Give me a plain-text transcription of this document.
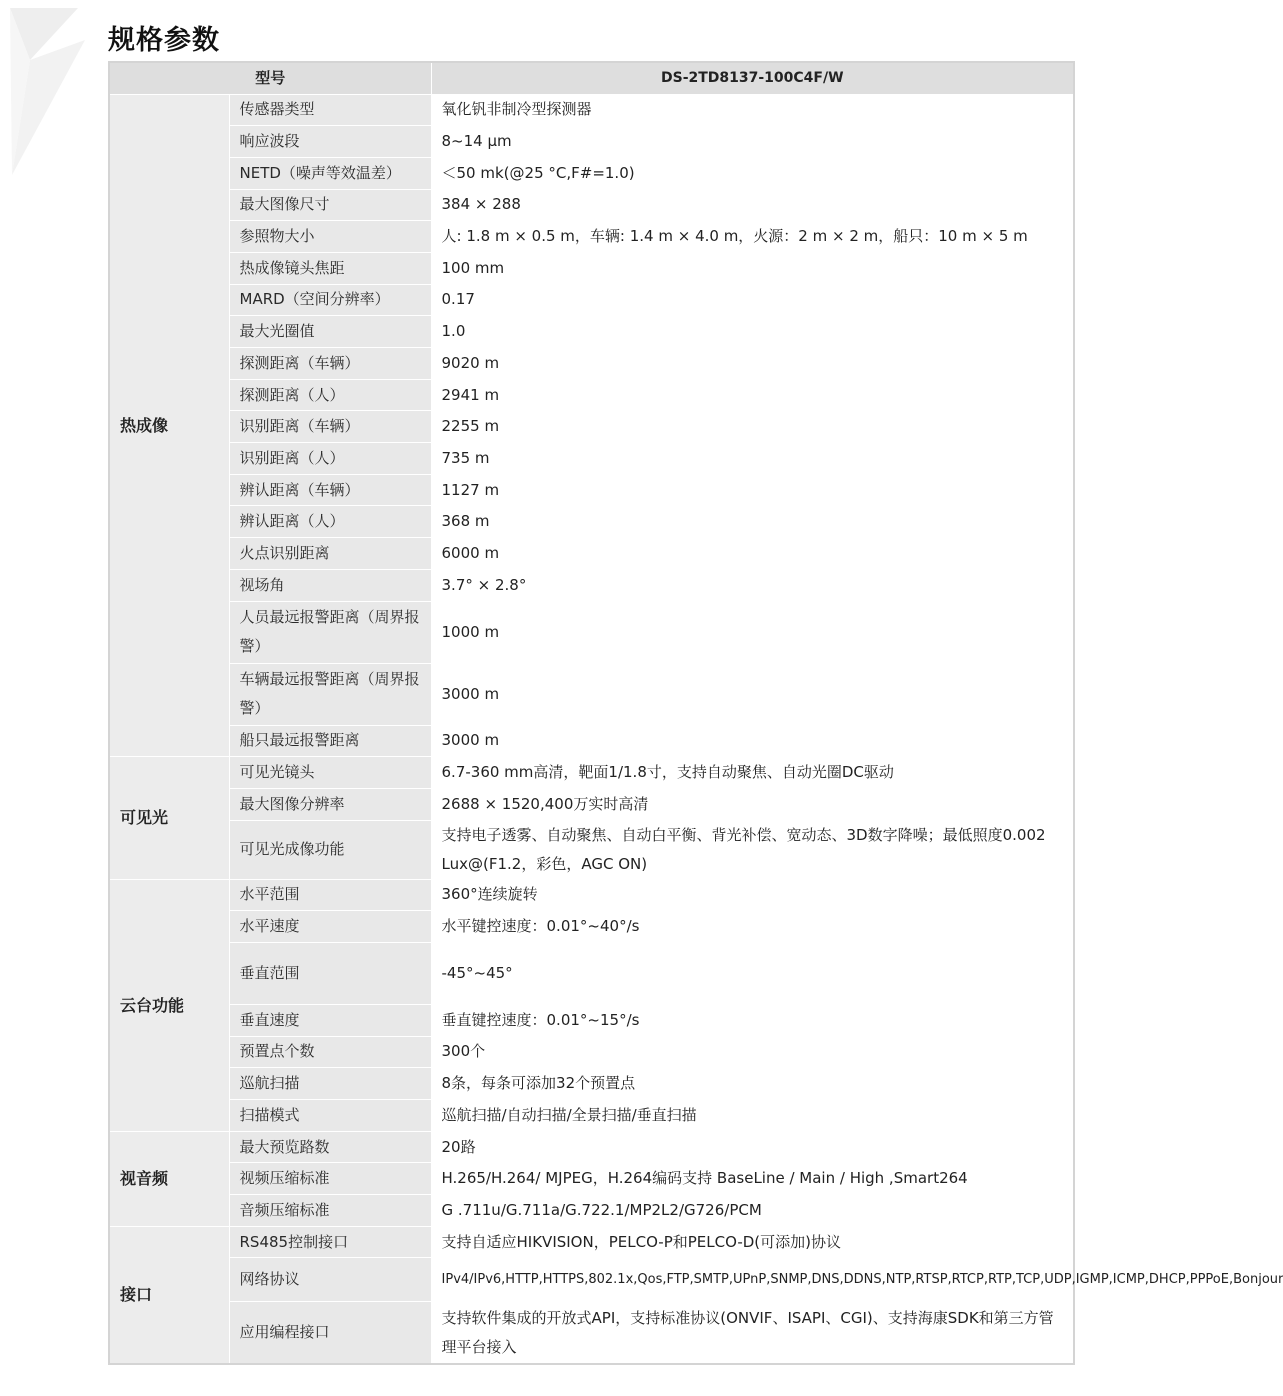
规格参数
型号		DS-2TD8137-100C4F/W
热成像	传感器类型	氧化钒非制冷型探测器
	响应波段	8~14 μm
	NETD（噪声等效温差）	＜50 mk(@25 °C,F#=1.0)
	最大图像尺寸	384 × 288
	参照物大小	人: 1.8 m × 0.5 m，车辆: 1.4 m × 4.0 m，火源：2 m × 2 m，船只：10 m × 5 m
	热成像镜头焦距	100 mm
	MARD（空间分辨率）	0.17
	最大光圈值	1.0
	探测距离（车辆）	9020 m
	探测距离（人）	2941 m
	识别距离（车辆）	2255 m
	识别距离（人）	735 m
	辨认距离（车辆）	1127 m
	辨认距离（人）	368 m
	火点识别距离	6000 m
	视场角	3.7° × 2.8°
	人员最远报警距离（周界报警）	1000 m
	车辆最远报警距离（周界报警）	3000 m
	船只最远报警距离	3000 m
可见光	可见光镜头	6.7-360 mm高清，靶面1/1.8寸，支持自动聚焦、自动光圈DC驱动
	最大图像分辨率	2688 × 1520,400万实时高清
	可见光成像功能	支持电子透雾、自动聚焦、自动白平衡、背光补偿、宽动态、3D数字降噪；最低照度0.002 Lux@(F1.2，彩色，AGC ON)
云台功能	水平范围	360°连续旋转
	水平速度	水平键控速度：0.01°~40°/s
	垂直范围	-45°~45°
	垂直速度	垂直键控速度：0.01°~15°/s
	预置点个数	300个
	巡航扫描	8条，每条可添加32个预置点
	扫描模式	巡航扫描/自动扫描/全景扫描/垂直扫描
视音频	最大预览路数	20路
	视频压缩标准	H.265/H.264/ MJPEG，H.264编码支持 BaseLine / Main / High ,Smart264
	音频压缩标准	G .711u/G.711a/G.722.1/MP2L2/G726/PCM
接口	RS485控制接口	支持自适应HIKVISION，PELCO-P和PELCO-D(可添加)协议
	网络协议	IPv4/IPv6,HTTP,HTTPS,802.1x,Qos,FTP,SMTP,UPnP,SNMP,DNS,DDNS,NTP,RTSP,RTCP,RTP,TCP,UDP,IGMP,ICMP,DHCP,PPPoE,Bonjour
	应用编程接口	支持软件集成的开放式API，支持标准协议(ONVIF、ISAPI、CGI)、支持海康SDK和第三方管理平台接入
